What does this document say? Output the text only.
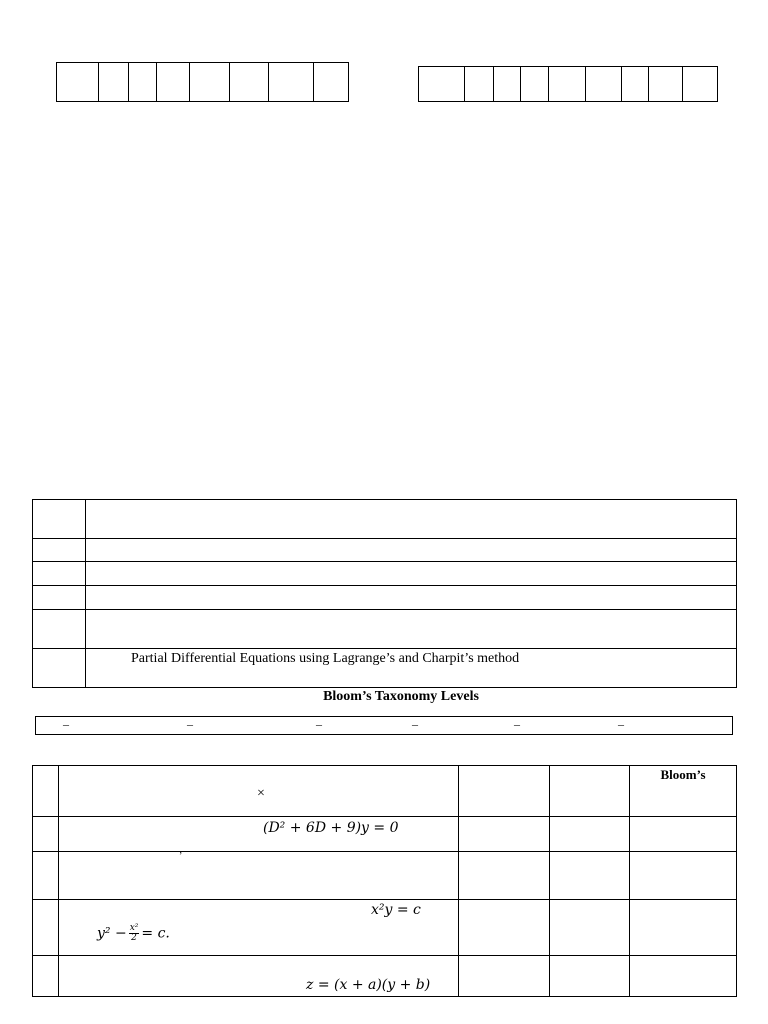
	Partial Differential Equations using Lagrange’s and Charpit’s method
Bloom’s Taxonomy Levels
–	–	–	–	–	–

	×			Bloom’s

	(D² + 6D + 9)y = 0			

	’			

	x²y = c
$y^2 - \frac{\text{x²}}{2} = c$.			

	z = (x + a)(y + b)			
